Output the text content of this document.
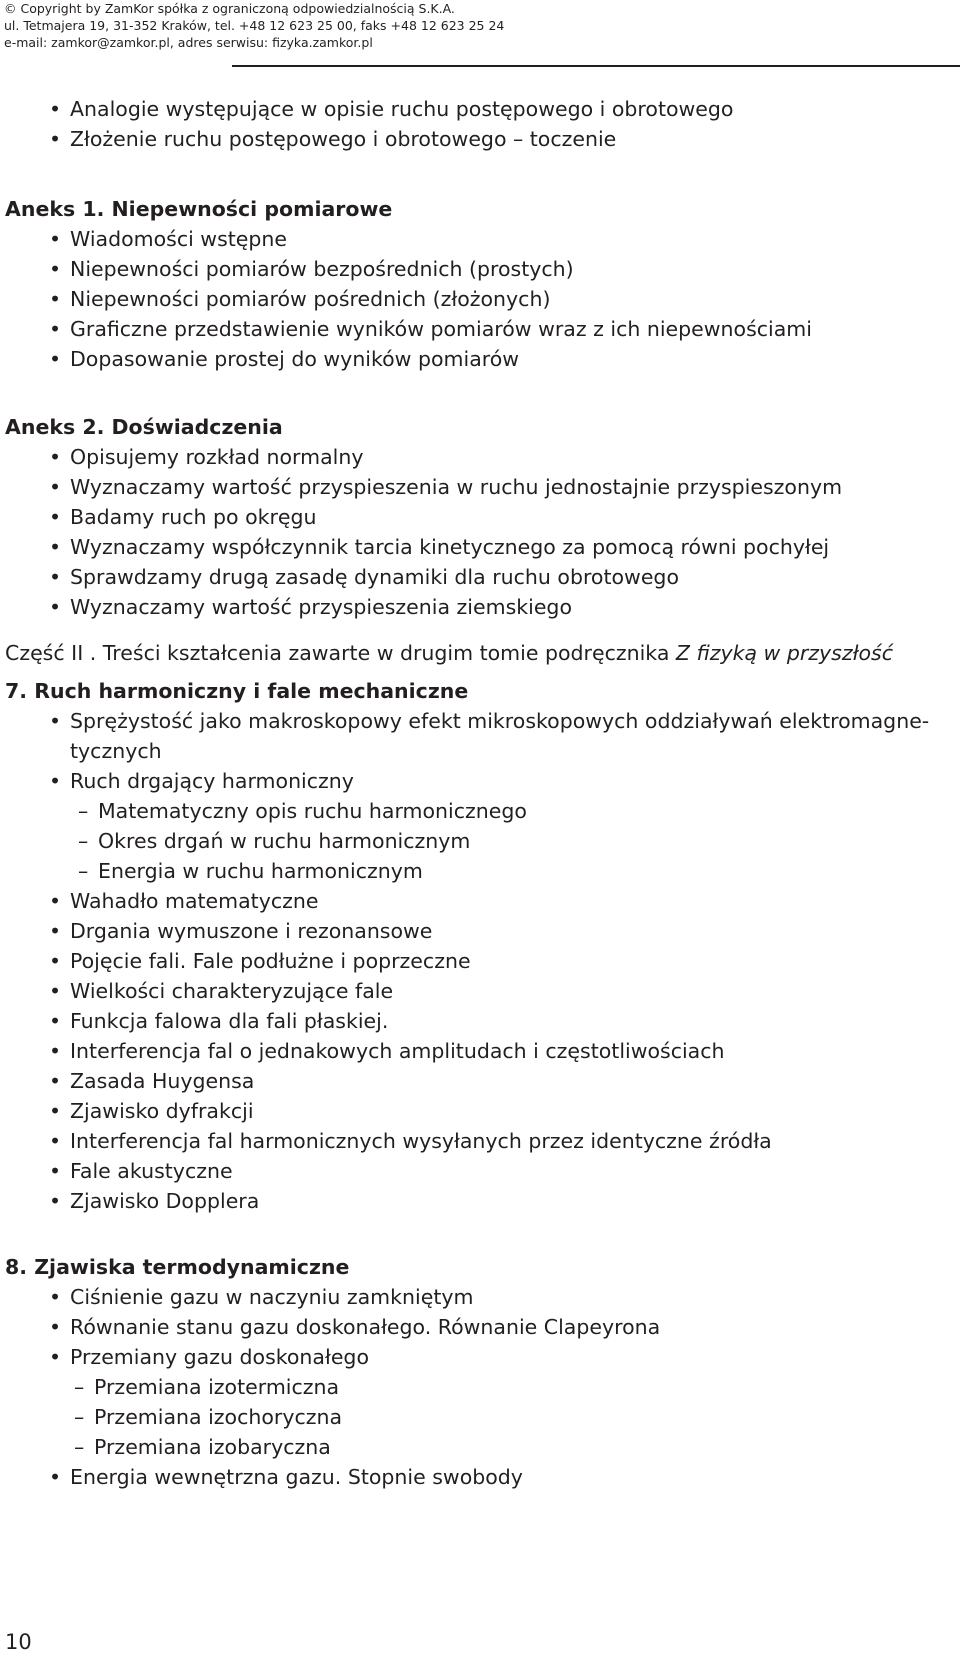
© Copyright by ZamKor spółka z ograniczoną odpowiedzialnością S.K.A.
ul. Tetmajera 19, 31-352 Kraków, tel. +48 12 623 25 00, faks +48 12 623 25 24
e-mail: zamkor@zamkor.pl, adres serwisu: fizyka.zamkor.pl
• Analogie występujące w opisie ruchu postępowego i obrotowego
• Złożenie ruchu postępowego i obrotowego – toczenie
Aneks 1. Niepewności pomiarowe
• Wiadomości wstępne
• Niepewności pomiarów bezpośrednich (prostych)
• Niepewności pomiarów pośrednich (złożonych)
• Graficzne przedstawienie wyników pomiarów wraz z ich niepewnościami
• Dopasowanie prostej do wyników pomiarów
Aneks 2. Doświadczenia
• Opisujemy rozkład normalny
• Wyznaczamy wartość przyspieszenia w ruchu jednostajnie przyspieszonym
• Badamy ruch po okręgu
• Wyznaczamy współczynnik tarcia kinetycznego za pomocą równi pochyłej
• Sprawdzamy drugą zasadę dynamiki dla ruchu obrotowego
• Wyznaczamy wartość przyspieszenia ziemskiego
Część II . Treści kształcenia zawarte w drugim tomie podręcznika Z fizyką w przyszłość
7. Ruch harmoniczny i fale mechaniczne
• Sprężystość jako makroskopowy efekt mikroskopowych oddziaływań elektromagne-
tycznych
• Ruch drgający harmoniczny
– Matematyczny opis ruchu harmonicznego
– Okres drgań w ruchu harmonicznym
– Energia w ruchu harmonicznym
• Wahadło matematyczne
• Drgania wymuszone i rezonansowe
• Pojęcie fali. Fale podłużne i poprzeczne
• Wielkości charakteryzujące fale
• Funkcja falowa dla fali płaskiej.
• Interferencja fal o jednakowych amplitudach i częstotliwościach
• Zasada Huygensa
• Zjawisko dyfrakcji
• Interferencja fal harmonicznych wysyłanych przez identyczne źródła
• Fale akustyczne
• Zjawisko Dopplera
8. Zjawiska termodynamiczne
• Ciśnienie gazu w naczyniu zamkniętym
• Równanie stanu gazu doskonałego. Równanie Clapeyrona
• Przemiany gazu doskonałego
– Przemiana izotermiczna
– Przemiana izochoryczna
– Przemiana izobaryczna
• Energia wewnętrzna gazu. Stopnie swobody
10
